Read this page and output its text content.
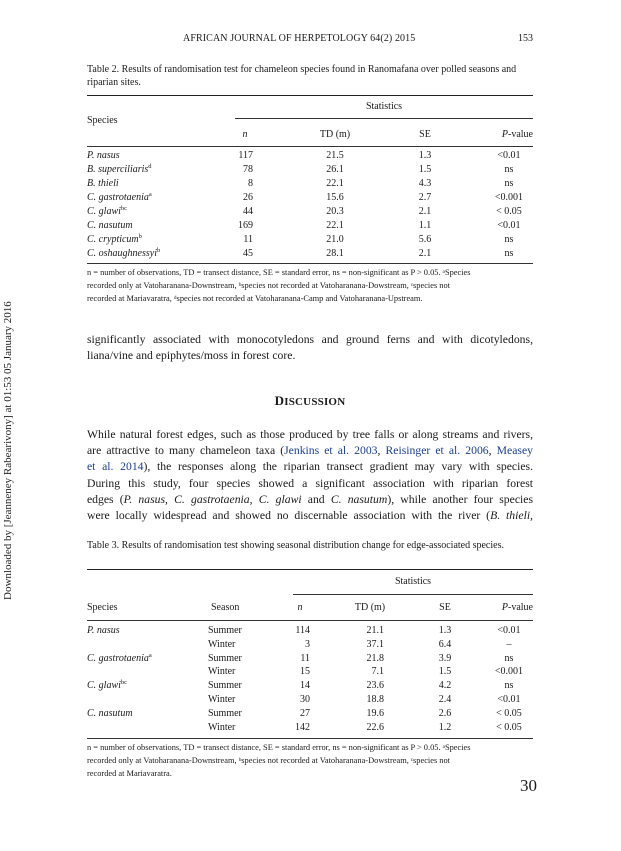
AFRICAN JOURNAL OF HERPETOLOGY 64(2) 2015	153
Downloaded by [Jeanneney Rabearivony] at 01:53 05 January 2016
Table 2. Results of randomisation test for chameleon species found in Ranomafana over polled seasons and riparian sites.
Statistics
Species
n	TD (m)	SE	P-value
P. nasus	117	21.5	1.3	<0.01
B. superciliaris$^d$	78	26.1	1.5	ns
B. thieli	8	22.1	4.3	ns
C. gastrotaenia$^a$	26	15.6	2.7	<0.001
C. glawi$^{bc}$	44	20.3	2.1	< 0.05
C. nasutum	169	22.1	1.1	<0.01
C. crypticum$^b$	11	21.0	5.6	ns
C. oshaughnessyi$^b$	45	28.1	2.1	ns
n = number of observations, TD = transect distance, SE = standard error, ns = non-significant as P > 0.05. ᵃSpecies
recorded only at Vatoharanana-Downstream, ᵇspecies not recorded at Vatoharanana-Dowstream, ᶜspecies not
recorded at Mariavaratra, ᵈspecies not recorded at Vatoharanana-Camp and Vatoharanana-Upstream.
significantly associated with monocotyledons and ground ferns and with dicotyledons,
liana/vine and epiphytes/moss in forest core.
DISCUSSION
While natural forest edges, such as those produced by tree falls or along streams and rivers,
are attractive to many chameleon taxa (Jenkins et al. 2003, Reisinger et al. 2006, Measey
et al. 2014), the responses along the riparian transect gradient may vary with species.
During this study, four species showed a significant association with riparian forest
edges (P. nasus, C. gastrotaenia, C. glawi and C. nasutum), while another four species
were locally widespread and showed no discernable association with the river (B. thieli,
Table 3. Results of randomisation test showing seasonal distribution change for edge-associated species.
Statistics
Species	Season	n	TD (m)	SE	P-value
P. nasus	Summer	114	21.1	1.3	<0.01
Winter	3	37.1	6.4	–
C. gastrotaenia$^a$	Summer	11	21.8	3.9	ns
Winter	15	7.1	1.5	<0.001
C. glawi$^{bc}$	Summer	14	23.6	4.2	ns
Winter	30	18.8	2.4	<0.01
C. nasutum	Summer	27	19.6	2.6	< 0.05
Winter	142	22.6	1.2	< 0.05
n = number of observations, TD = transect distance, SE = standard error, ns = non-significant as P > 0.05. ᵃSpecies
recorded only at Vatoharanana-Downstream, ᵇspecies not recorded at Vatoharanana-Dowstream, ᶜspecies not
recorded at Mariavaratra.
30
